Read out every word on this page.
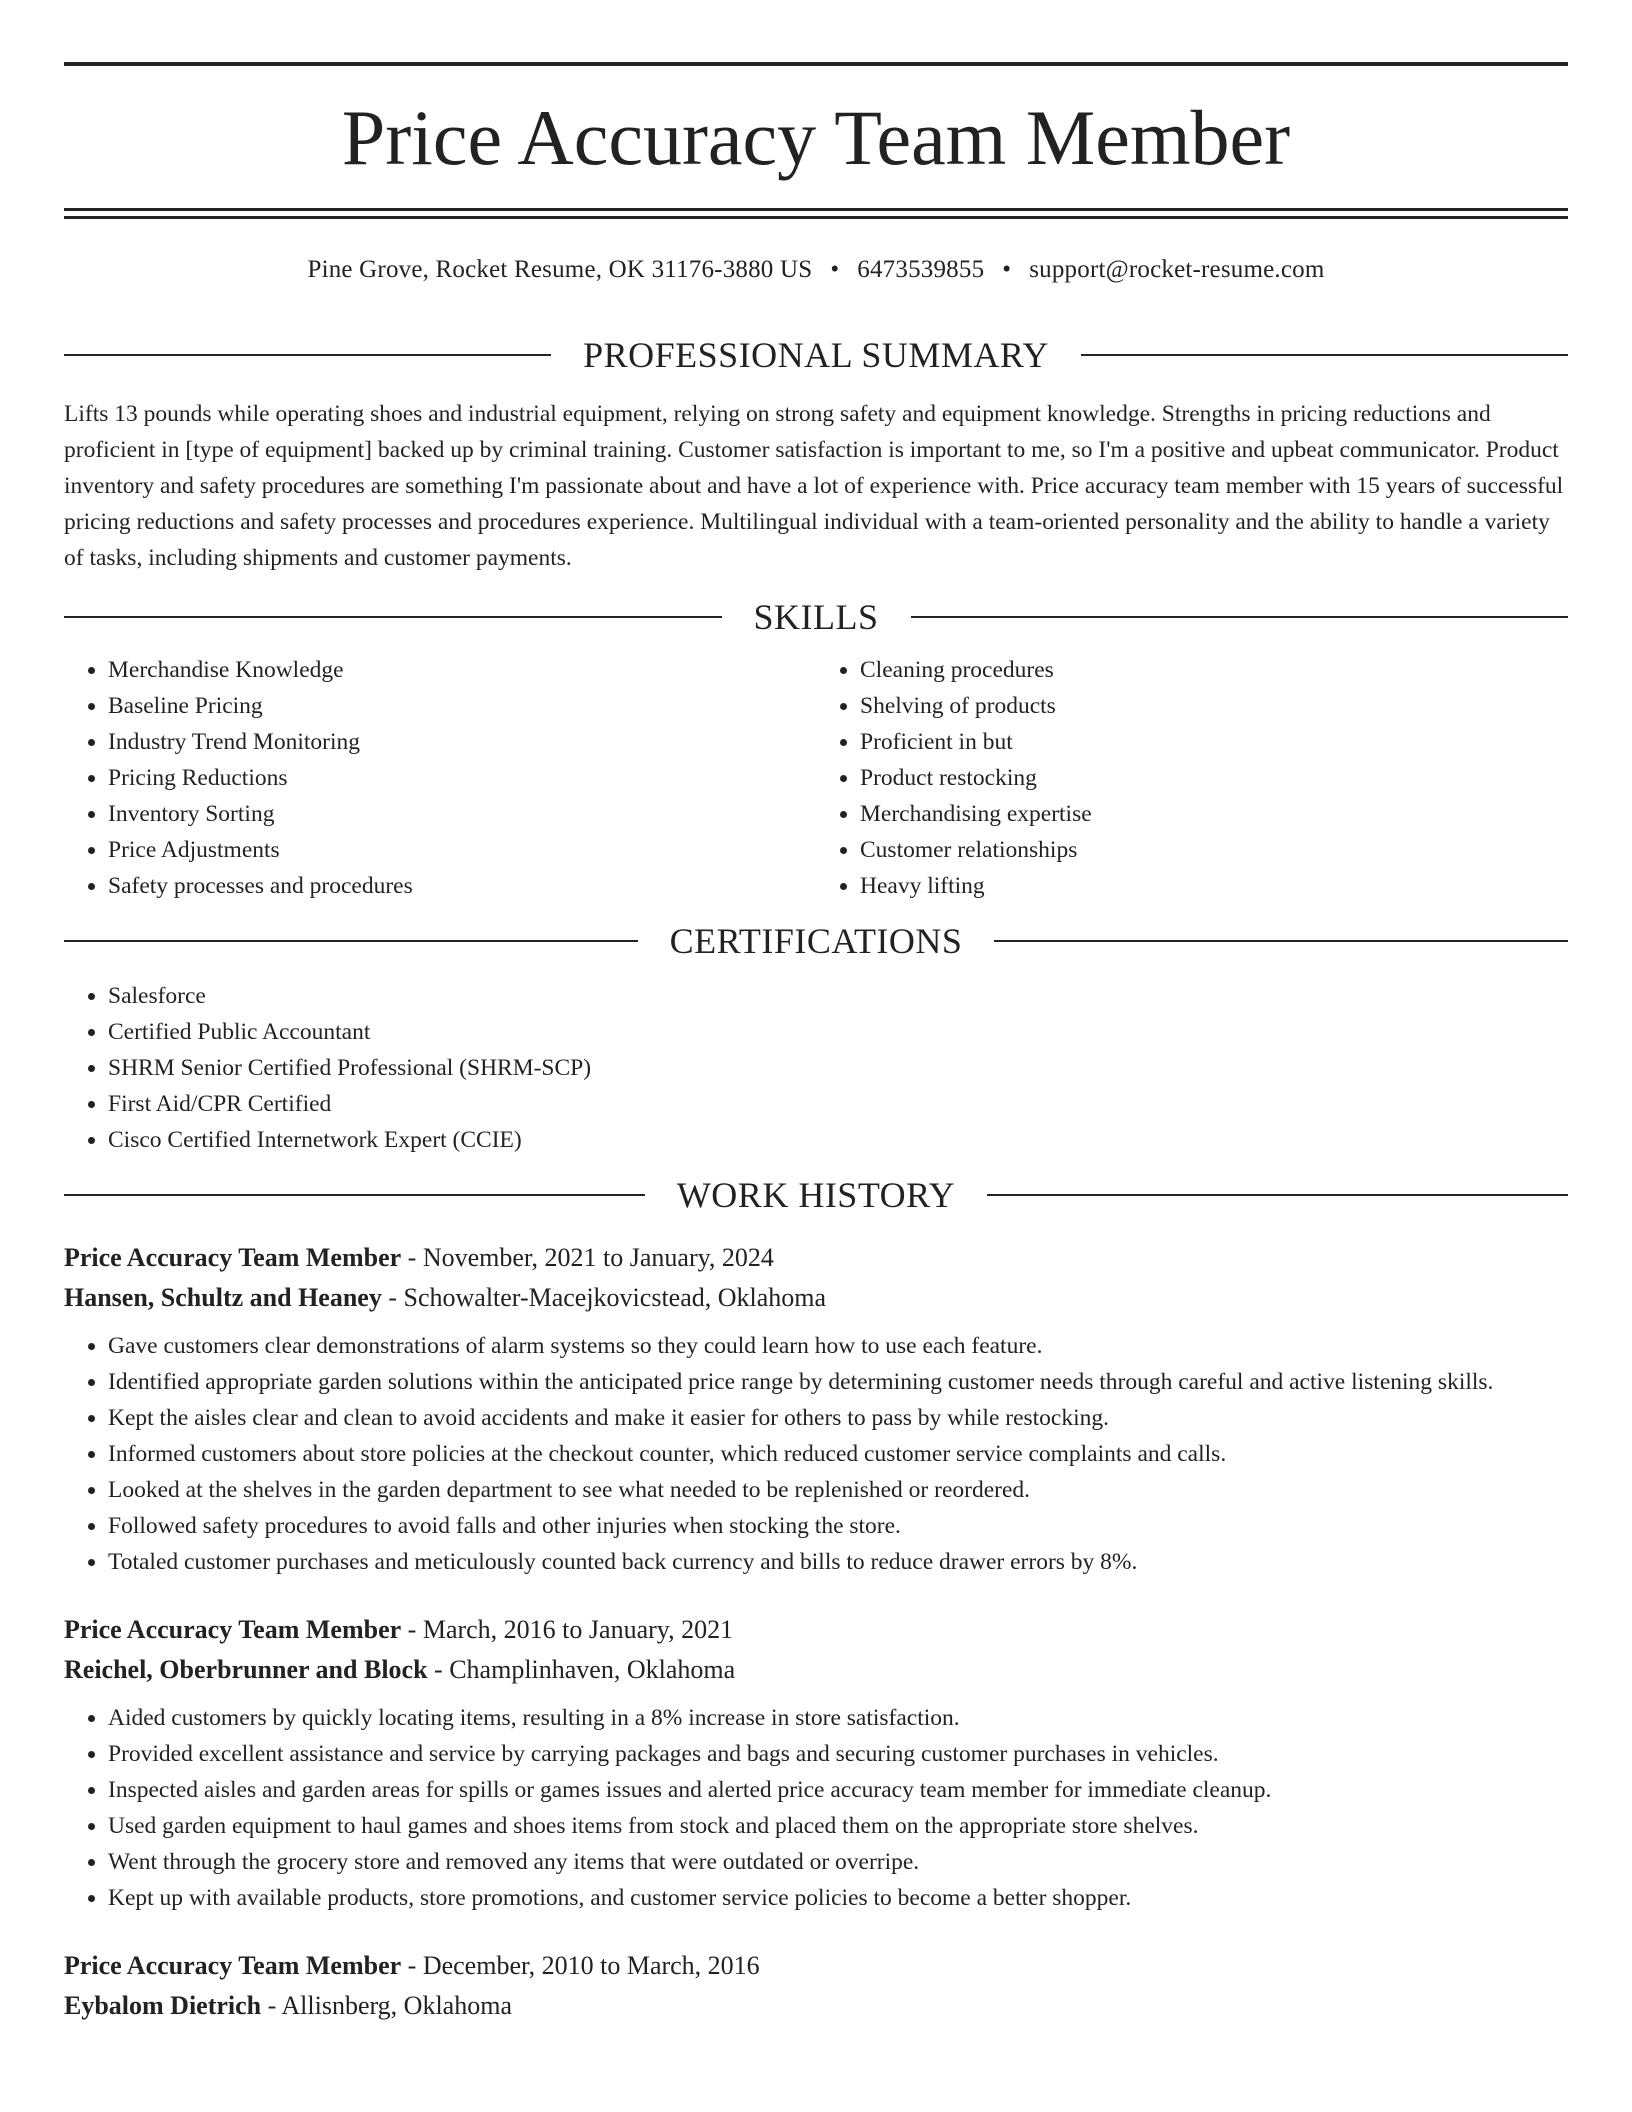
Price Accuracy Team Member
Pine Grove, Rocket Resume, OK 31176-3880 US • 6473539855 • support@rocket-resume.com
PROFESSIONAL SUMMARY

Lifts 13 pounds while operating shoes and industrial equipment, relying on strong safety and equipment knowledge. Strengths in pricing reductions and proficient in [type of equipment] backed up by criminal training. Customer satisfaction is important to me, so I'm a positive and upbeat communicator. Product inventory and safety procedures are something I'm passionate about and have a lot of experience with. Price accuracy team member with 15 years of successful pricing reductions and safety processes and procedures experience. Multilingual individual with a team-oriented personality and the ability to handle a variety of tasks, including shipments and customer payments.

SKILLS
• Merchandise Knowledge
• Baseline Pricing
• Industry Trend Monitoring
• Pricing Reductions
• Inventory Sorting
• Price Adjustments
• Safety processes and procedures
• Cleaning procedures
• Shelving of products
• Proficient in but
• Product restocking
• Merchandising expertise
• Customer relationships
• Heavy lifting
CERTIFICATIONS
• Salesforce
• Certified Public Accountant
• SHRM Senior Certified Professional (SHRM-SCP)
• First Aid/CPR Certified
• Cisco Certified Internetwork Expert (CCIE)
WORK HISTORY
Price Accuracy Team Member - November, 2021 to January, 2024
Hansen, Schultz and Heaney - Schowalter-Macejkovicstead, Oklahoma
• Gave customers clear demonstrations of alarm systems so they could learn how to use each feature.
• Identified appropriate garden solutions within the anticipated price range by determining customer needs through careful and active listening skills.
• Kept the aisles clear and clean to avoid accidents and make it easier for others to pass by while restocking.
• Informed customers about store policies at the checkout counter, which reduced customer service complaints and calls.
• Looked at the shelves in the garden department to see what needed to be replenished or reordered.
• Followed safety procedures to avoid falls and other injuries when stocking the store.
• Totaled customer purchases and meticulously counted back currency and bills to reduce drawer errors by 8%.
Price Accuracy Team Member - March, 2016 to January, 2021
Reichel, Oberbrunner and Block - Champlinhaven, Oklahoma
• Aided customers by quickly locating items, resulting in a 8% increase in store satisfaction.
• Provided excellent assistance and service by carrying packages and bags and securing customer purchases in vehicles.
• Inspected aisles and garden areas for spills or games issues and alerted price accuracy team member for immediate cleanup.
• Used garden equipment to haul games and shoes items from stock and placed them on the appropriate store shelves.
• Went through the grocery store and removed any items that were outdated or overripe.
• Kept up with available products, store promotions, and customer service policies to become a better shopper.
Price Accuracy Team Member - December, 2010 to March, 2016
Eybalom Dietrich - Allisnberg, Oklahoma
